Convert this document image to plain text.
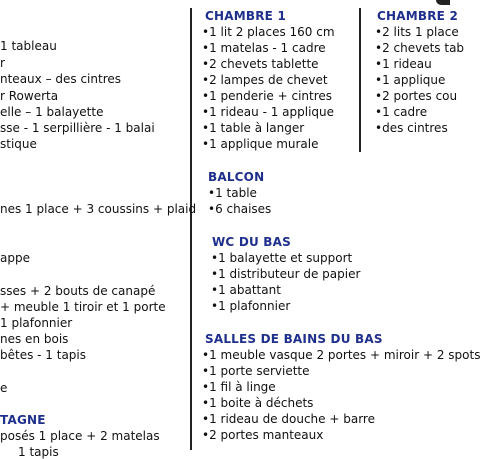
1 tableau
r
nteaux – des cintres
r Rowerta
elle – 1 balayette
sse - 1 serpillière - 1 balai
stique
nes 1 place + 3 coussins + plaid
appe
sses + 2 bouts de canapé
+ meuble 1 tiroir et 1 porte
1 plafonnier
nes en bois
bêtes - 1 tapis
e
TAGNE
posés 1 place + 2 matelas
1 tapis
CHAMBRE 1
•1 lit 2 places 160 cm
•1 matelas - 1 cadre
•2 chevets tablette
•2 lampes de chevet
•1 penderie + cintres
•1 rideau - 1 applique
•1 table à langer
•1 applique murale
CHAMBRE 2
•2 lits 1 place
•2 chevets tab
•1 rideau
•1 applique
•2 portes cou
•1 cadre
•des cintres
BALCON
•1 table
•6 chaises
WC DU BAS
•1 balayette et support
•1 distributeur de papier
•1 abattant
•1 plafonnier
SALLES DE BAINS DU BAS
•1 meuble vasque 2 portes + miroir + 2 spots
•1 porte serviette
•1 fil à linge
•1 boite à déchets
•1 rideau de douche + barre
•2 portes manteaux
